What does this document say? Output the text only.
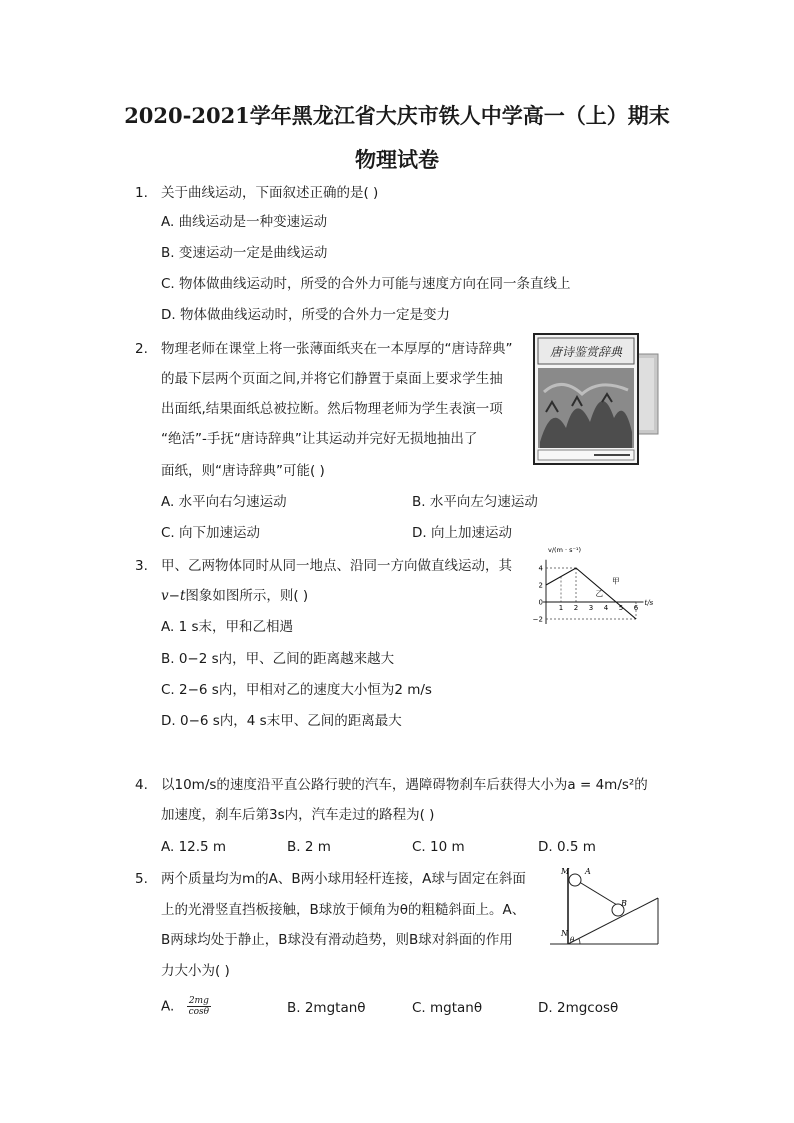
2020-2021学年黑龙江省大庆市铁人中学高一（上）期末
物理试卷
1. 关于曲线运动，下面叙述正确的是( )
A. 曲线运动是一种变速运动
B. 变速运动一定是曲线运动
C. 物体做曲线运动时，所受的合外力可能与速度方向在同一条直线上
D. 物体做曲线运动时，所受的合外力一定是变力
2. 物理老师在课堂上将一张薄面纸夹在一本厚厚的“唐诗辞典”
的最下层两个页面之间,并将它们静置于桌面上要求学生抽
出面纸,结果面纸总被拉断。然后物理老师为学生表演一项
“绝活”-手抚“唐诗辞典”让其运动并完好无损地抽出了
面纸，则“唐诗辞典”可能( )
A. 水平向右匀速运动	B. 水平向左匀速运动
C. 向下加速运动	D. 向上加速运动
唐诗鉴赏辞典
3. 甲、乙两物体同时从同一地点、沿同一方向做直线运动，其
v−t图象如图所示，则( )
A. 1 s末，甲和乙相遇
B. 0−2 s内，甲、乙间的距离越来越大
C. 2−6 s内，甲相对乙的速度大小恒为2 m/s
D. 0−6 s内，4 s末甲、乙间的距离最大
v/(m · s⁻¹)
t/s
4
2
0
−2
1 2 3 4 5 6
甲
乙
4. 以10m/s的速度沿平直公路行驶的汽车，遇障碍物刹车后获得大小为a = 4m/s²的
加速度，刹车后第3s内，汽车走过的路程为( )
A. 12.5 m	B. 2 m	C. 10 m	D. 0.5 m
5. 两个质量均为m的A、B两小球用轻杆连接，A球与固定在斜面
上的光滑竖直挡板接触，B球放于倾角为θ的粗糙斜面上。A、
B两球均处于静止，B球没有滑动趋势，则B球对斜面的作用
力大小为( )
A. $\frac{2mg}{\cos\theta}$	B. 2mgtanθ	C. mgtanθ	D. 2mgcosθ
M A
B
N
θ
